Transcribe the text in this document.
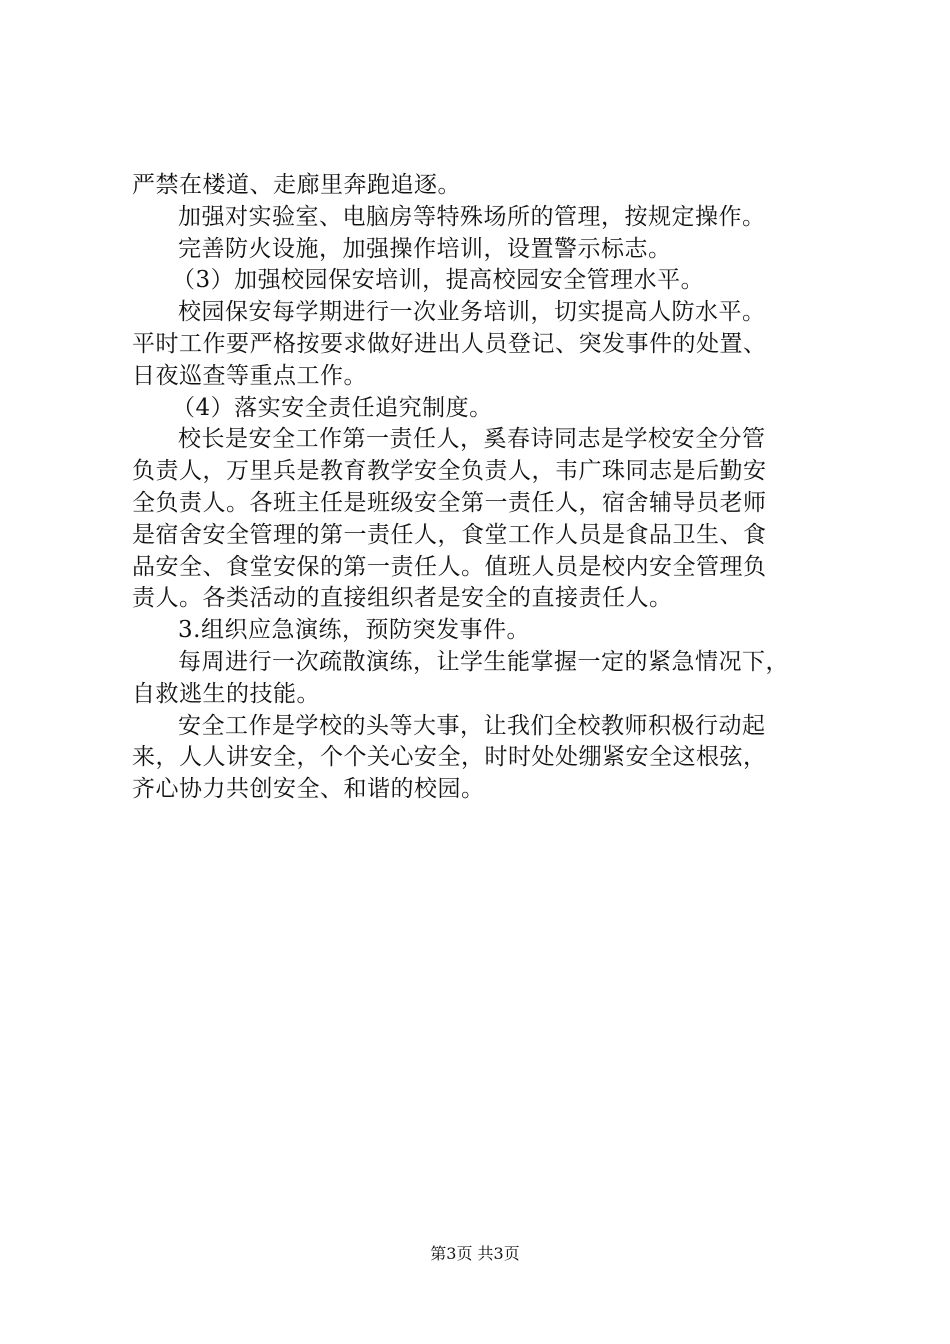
严禁在楼道、走廊里奔跑追逐。
加强对实验室、电脑房等特殊场所的管理，按规定操作。
完善防火设施，加强操作培训，设置警示标志。
（3）加强校园保安培训，提高校园安全管理水平。
校园保安每学期进行一次业务培训，切实提高人防水平。
平时工作要严格按要求做好进出人员登记、突发事件的处置、
日夜巡查等重点工作。
（4）落实安全责任追究制度。
校长是安全工作第一责任人，奚春诗同志是学校安全分管
负责人，万里兵是教育教学安全负责人，韦广珠同志是后勤安
全负责人。各班主任是班级安全第一责任人，宿舍辅导员老师
是宿舍安全管理的第一责任人，食堂工作人员是食品卫生、食
品安全、食堂安保的第一责任人。值班人员是校内安全管理负
责人。各类活动的直接组织者是安全的直接责任人。
3.组织应急演练，预防突发事件。
每周进行一次疏散演练，让学生能掌握一定的紧急情况下，
自救逃生的技能。
安全工作是学校的头等大事，让我们全校教师积极行动起
来，人人讲安全，个个关心安全，时时处处绷紧安全这根弦，
齐心协力共创安全、和谐的校园。
第3页 共3页
